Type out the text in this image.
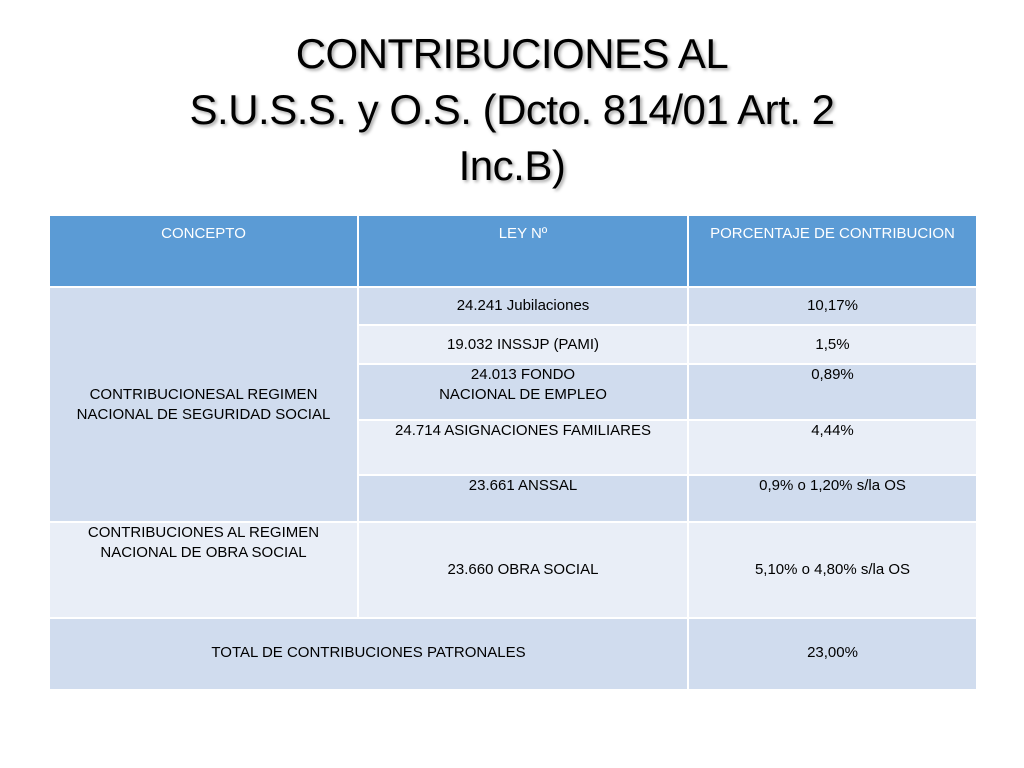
CONTRIBUCIONES AL
S.U.S.S. y O.S. (Dcto. 814/01 Art. 2
Inc.B)
CONCEPTO	LEY Nº	PORCENTAJE DE CONTRIBUCION

CONTRIBUCIONESAL REGIMEN
NACIONAL DE SEGURIDAD SOCIAL	24.241 Jubilaciones	10,17%
	19.032 INSSJP (PAMI)	1,5%

	24.013 FONDO
NACIONAL DE EMPLEO	0,89%
	24.714 ASIGNACIONES FAMILIARES	4,44%
	23.661 ANSSAL	0,9% o 1,20% s/la OS

CONTRIBUCIONES AL REGIMEN
NACIONAL DE OBRA SOCIAL	23.660 OBRA SOCIAL	5,10% o 4,80% s/la OS
TOTAL DE CONTRIBUCIONES PATRONALES		23,00%
